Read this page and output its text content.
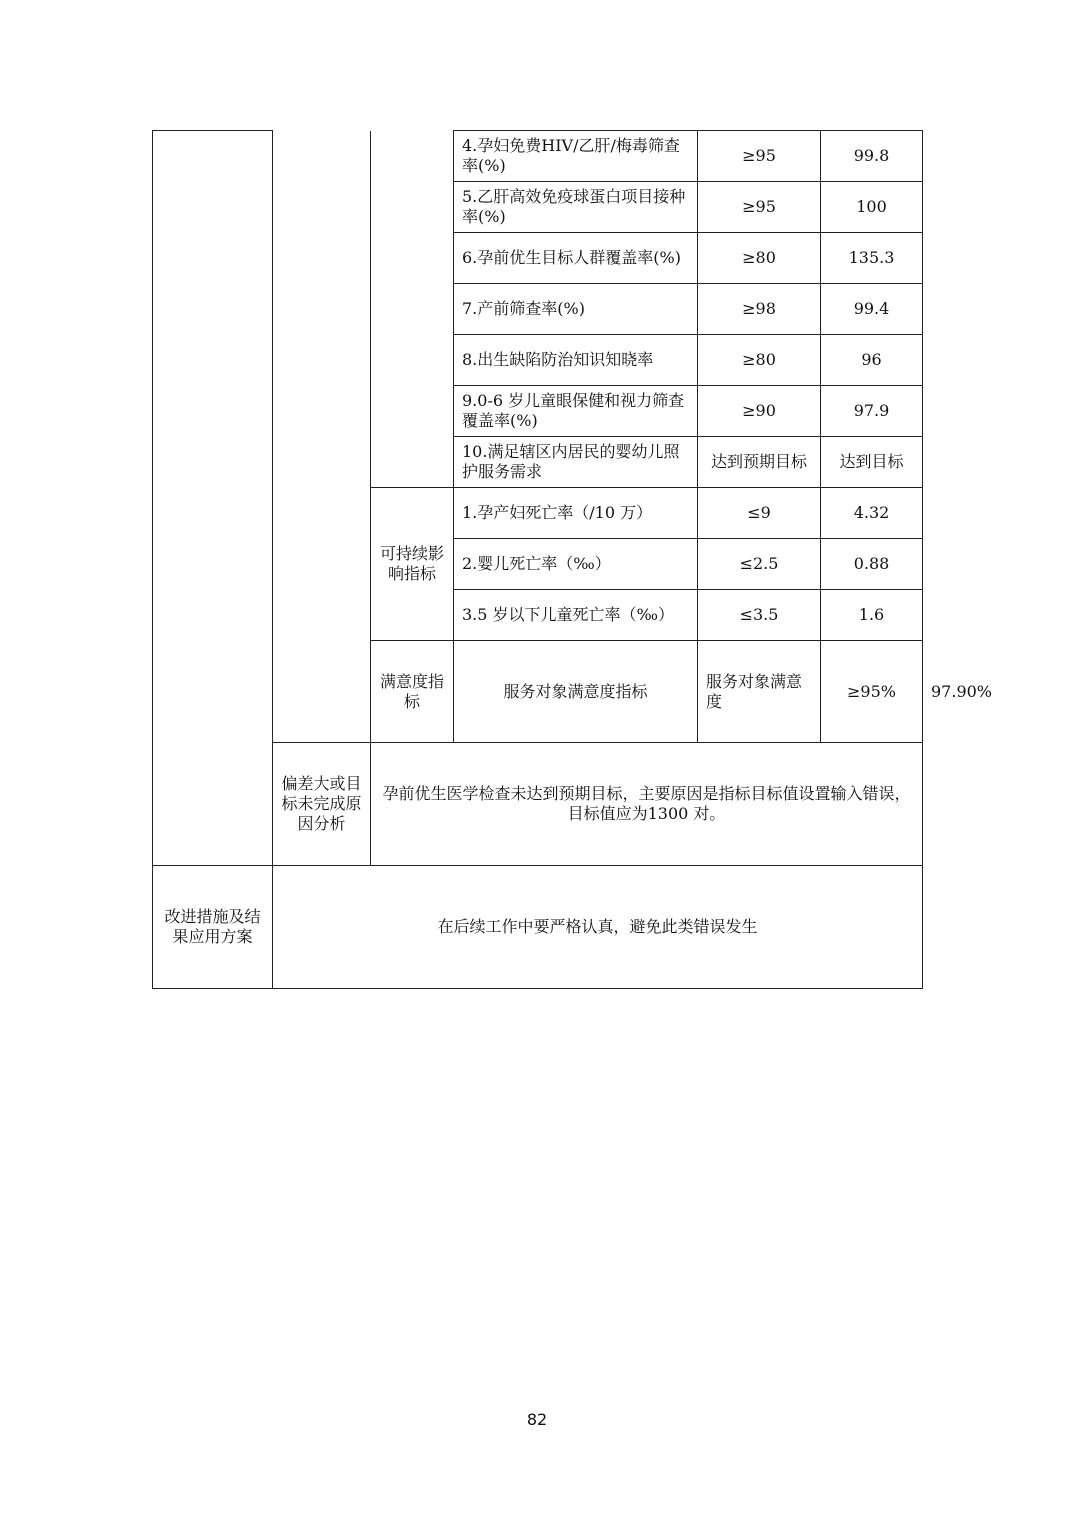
			4.孕妇免费HIV/乙肝/梅毒筛查率(%)	≥95	99.8	
			5.乙肝高效免疫球蛋白项目接种率(%)	≥95	100	
			6.孕前优生目标人群覆盖率(%)	≥80	135.3	
			7.产前筛查率(%)	≥98	99.4	
			8.出生缺陷防治知识知晓率	≥80	96	
			9.0-6 岁儿童眼保健和视力筛查覆盖率(%)	≥90	97.9	
			10.满足辖区内居民的婴幼儿照护服务需求	达到预期目标	达到目标	
		可持续影响指标	1.孕产妇死亡率（/10 万）	≤9	4.32	
			2.婴儿死亡率（‰）	≤2.5	0.88	
			3.5 岁以下儿童死亡率（‰）	≤3.5	1.6	
		满意度指标	服务对象满意度指标	服务对象满意度	≥95%	97.90%
	偏差大或目标未完成原因分析	孕前优生医学检查未达到预期目标，主要原因是指标目标值设置输入错误，目标值应为1300 对。				
改进措施及结果应用方案	在后续工作中要严格认真，避免此类错误发生					
82
